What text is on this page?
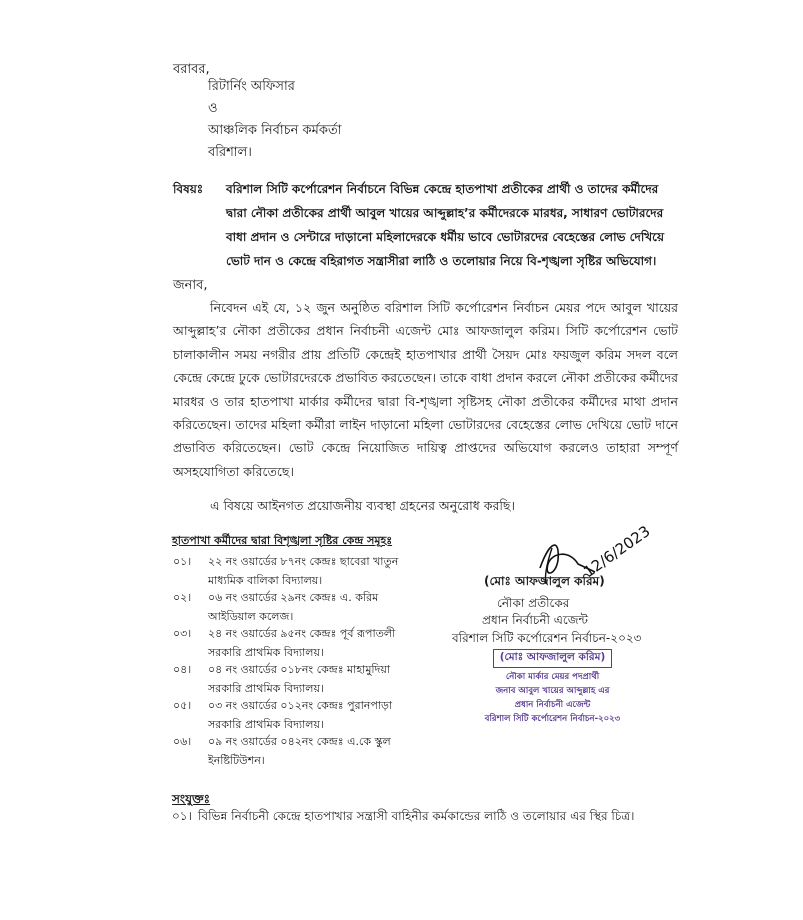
বরাবর,
রিটার্নিং অফিসার
ও
আঞ্চলিক নির্বাচন কর্মকর্তা
বরিশাল।
বিষয়ঃ বরিশাল সিটি কর্পোরেশন নির্বাচনে বিভিন্ন কেন্দ্রে হাতপাখা প্রতীকের প্রার্থী ও তাদের কর্মীদের
দ্বারা নৌকা প্রতীকের প্রার্থী আবুল খায়ের আব্দুল্লাহ’র কর্মীদেরকে মারধর, সাধারণ ভোটারদের
বাধা প্রদান ও সেন্টারে দাড়ানো মহিলাদেরকে ধর্মীয় ভাবে ভোটারদের বেহেস্তের লোভ দেখিয়ে
ভোট দান ও কেন্দ্রে বহিরাগত সন্ত্রাসীরা লাঠি ও তলোয়ার নিয়ে বি-শৃঙ্খলা সৃষ্টির অভিযোগ।
জনাব,
নিবেদন এই যে, ১২ জুন অনুষ্ঠিত বরিশাল সিটি কর্পোরেশন নির্বাচন মেয়র পদে আবুল খায়ের আব্দুল্লাহ’র নৌকা প্রতীকের প্রধান নির্বাচনী এজেন্ট মোঃ আফজালুল করিম। সিটি কর্পোরেশন ভোট চালাকালীন সময় নগরীর প্রায় প্রতিটি কেন্দ্রেই হাতপাখার প্রার্থী সৈয়দ মোঃ ফয়জুল করিম সদল বলে কেন্দ্রে কেন্দ্রে ঢুকে ভোটারদেরকে প্রভাবিত করতেছেন। তাকে বাধা প্রদান করলে নৌকা প্রতীকের কর্মীদের মারধর ও তার হাতপাখা মার্কার কর্মীদের দ্বারা বি-শৃঙ্খলা সৃষ্টিসহ নৌকা প্রতীকের কর্মীদের মাথা প্রদান করিতেছেন। তাদের মহিলা কর্মীরা লাইন দাড়ানো মহিলা ভোটারদের বেহেস্তের লোভ দেখিয়ে ভোট দানে প্রভাবিত করিতেছেন। ভোট কেন্দ্রে নিয়োজিত দায়িত্ব প্রাপ্তদের অভিযোগ করলেও তাহারা সম্পূর্ণ অসহযোগিতা করিতেছে।
এ বিষয়ে আইনগত প্রয়োজনীয় ব্যবস্থা গ্রহনের অনুরোধ করছি।
হাতপাখা কর্মীদের দ্বারা বিশৃঙ্খলা সৃষ্টির কেন্দ্র সমূহঃ
০১। ২২ নং ওয়ার্ডের ৮৭নং কেন্দ্রঃ ছাবেরা খাতুন
মাধ্যমিক বালিকা বিদ্যালয়।
০২। ০৬ নং ওয়ার্ডের ২৯নং কেন্দ্রঃ এ. করিম
আইডিয়াল কলেজ।
০৩। ২৪ নং ওয়ার্ডের ৯৫নং কেন্দ্রঃ পূর্ব রূপাতলী
সরকারি প্রাথমিক বিদ্যালয়।
০৪। ০৪ নং ওয়ার্ডের ০১৮নং কেন্দ্রঃ মাহামুদিয়া
সরকারি প্রাথমিক বিদ্যালয়।
০৫। ০৩ নং ওয়ার্ডের ০১২নং কেন্দ্রঃ পুরানপাড়া
সরকারি প্রাথমিক বিদ্যালয়।
০৬। ০৯ নং ওয়ার্ডের ০৪২নং কেন্দ্রঃ এ.কে স্কুল
ইনষ্টিটিউশন।
12/6/2023
(মোঃ আফজালুল করিম)
নৌকা প্রতীকের
প্রধান নির্বাচনী এজেন্ট
বরিশাল সিটি কর্পোরেশন নির্বাচন-২০২৩
(মোঃ আফজালুল করিম)
নৌকা মার্কার মেয়র পদপ্রার্থী
জনাব আবুল খায়ের আব্দুল্লাহ এর
প্রধান নির্বাচনী এজেন্ট
বরিশাল সিটি কর্পোরেশন নির্বাচন-২০২৩
সংযুক্তঃ
০১। বিভিন্ন নির্বাচনী কেন্দ্রে হাতপাখার সন্ত্রাসী বাহিনীর কর্মকান্ডের লাঠি ও তলোয়ার এর স্থির চিত্র।
